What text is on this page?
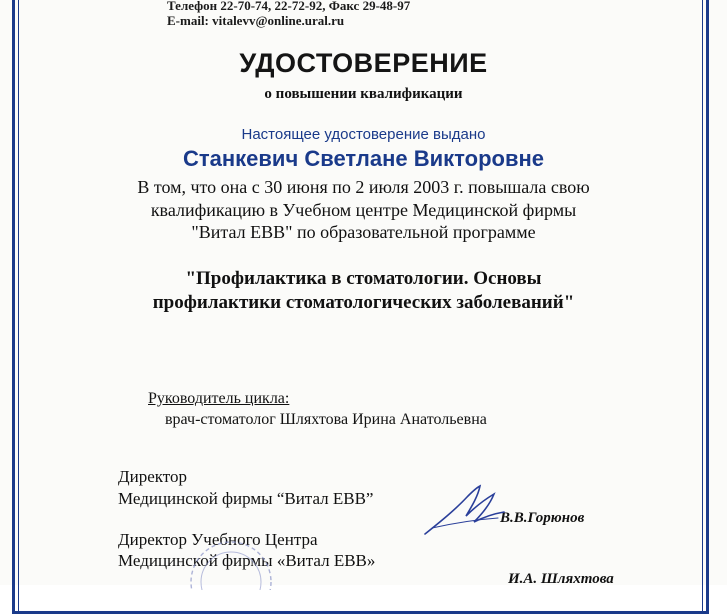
Телефон 22-70-74, 22-72-92, Факс 29-48-97
E-mail: vitalevv@online.ural.ru
УДОСТОВЕРЕНИЕ
о повышении квалификации
Настоящее удостоверение выдано
Станкевич Светлане Викторовне
В том, что она с 30 июня по 2 июля 2003 г. повышала свою
квалификацию в Учебном центре Медицинской фирмы
"Витал ЕВВ" по образовательной программе
"Профилактика в стоматологии. Основы
профилактики стоматологических заболеваний"
Руководитель цикла:
врач-стоматолог Шляхтова Ирина Анатольевна
Директор
Медицинской фирмы “Витал ЕВВ”
В.В.Горюнов
Директор Учебного Центра
Медицинской фирмы «Витал ЕВВ»
И.А. Шляхтова
